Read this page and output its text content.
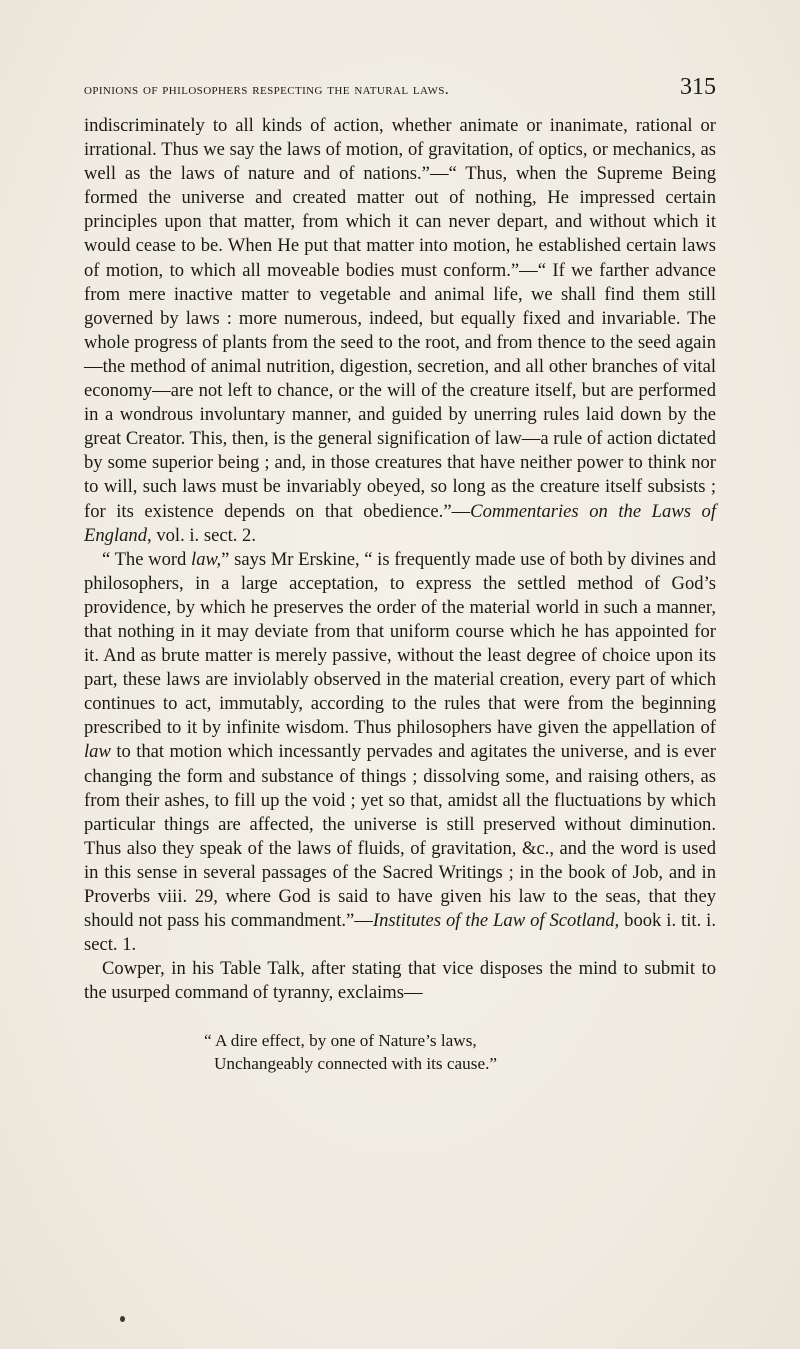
opinions of philosophers respecting the natural laws.	315

indiscriminately to all kinds of action, whether animate or inanimate, rational or irrational. Thus we say the laws of motion, of gravitation, of optics, or mechanics, as well as the laws of nature and of nations.”—“ Thus, when the Supreme Being formed the universe and created matter out of nothing, He impressed certain principles upon that matter, from which it can never depart, and without which it would cease to be. When He put that matter into motion, he established certain laws of motion, to which all moveable bodies must conform.”—“ If we farther advance from mere inactive matter to vegetable and animal life, we shall find them still governed by laws : more numerous, indeed, but equally fixed and invariable. The whole progress of plants from the seed to the root, and from thence to the seed again—the method of animal nutrition, digestion, secretion, and all other branches of vital economy—are not left to chance, or the will of the creature itself, but are performed in a wondrous involuntary manner, and guided by unerring rules laid down by the great Creator. This, then, is the general signification of law—a rule of action dictated by some superior being ; and, in those creatures that have neither power to think nor to will, such laws must be invariably obeyed, so long as the creature itself subsists ; for its existence depends on that obedience.”—Commentaries on the Laws of England, vol. i. sect. 2.

“ The word law,” says Mr Erskine, “ is frequently made use of both by divines and philosophers, in a large acceptation, to express the settled method of God’s providence, by which he preserves the order of the material world in such a manner, that nothing in it may deviate from that uniform course which he has appointed for it. And as brute matter is merely passive, without the least degree of choice upon its part, these laws are inviolably observed in the material creation, every part of which continues to act, immutably, according to the rules that were from the beginning prescribed to it by infinite wisdom. Thus philosophers have given the appellation of law to that motion which incessantly pervades and agitates the universe, and is ever changing the form and substance of things ; dissolving some, and raising others, as from their ashes, to fill up the void ; yet so that, amidst all the fluctuations by which particular things are affected, the universe is still preserved without diminution. Thus also they speak of the laws of fluids, of gravitation, &c., and the word is used in this sense in several passages of the Sacred Writings ; in the book of Job, and in Proverbs viii. 29, where God is said to have given his law to the seas, that they should not pass his commandment.”—Institutes of the Law of Scotland, book i. tit. i. sect. 1.

Cowper, in his Table Talk, after stating that vice disposes the mind to submit to the usurped command of tyranny, exclaims—

“ A dire effect, by one of Nature’s laws,
Unchangeably connected with its cause.”
